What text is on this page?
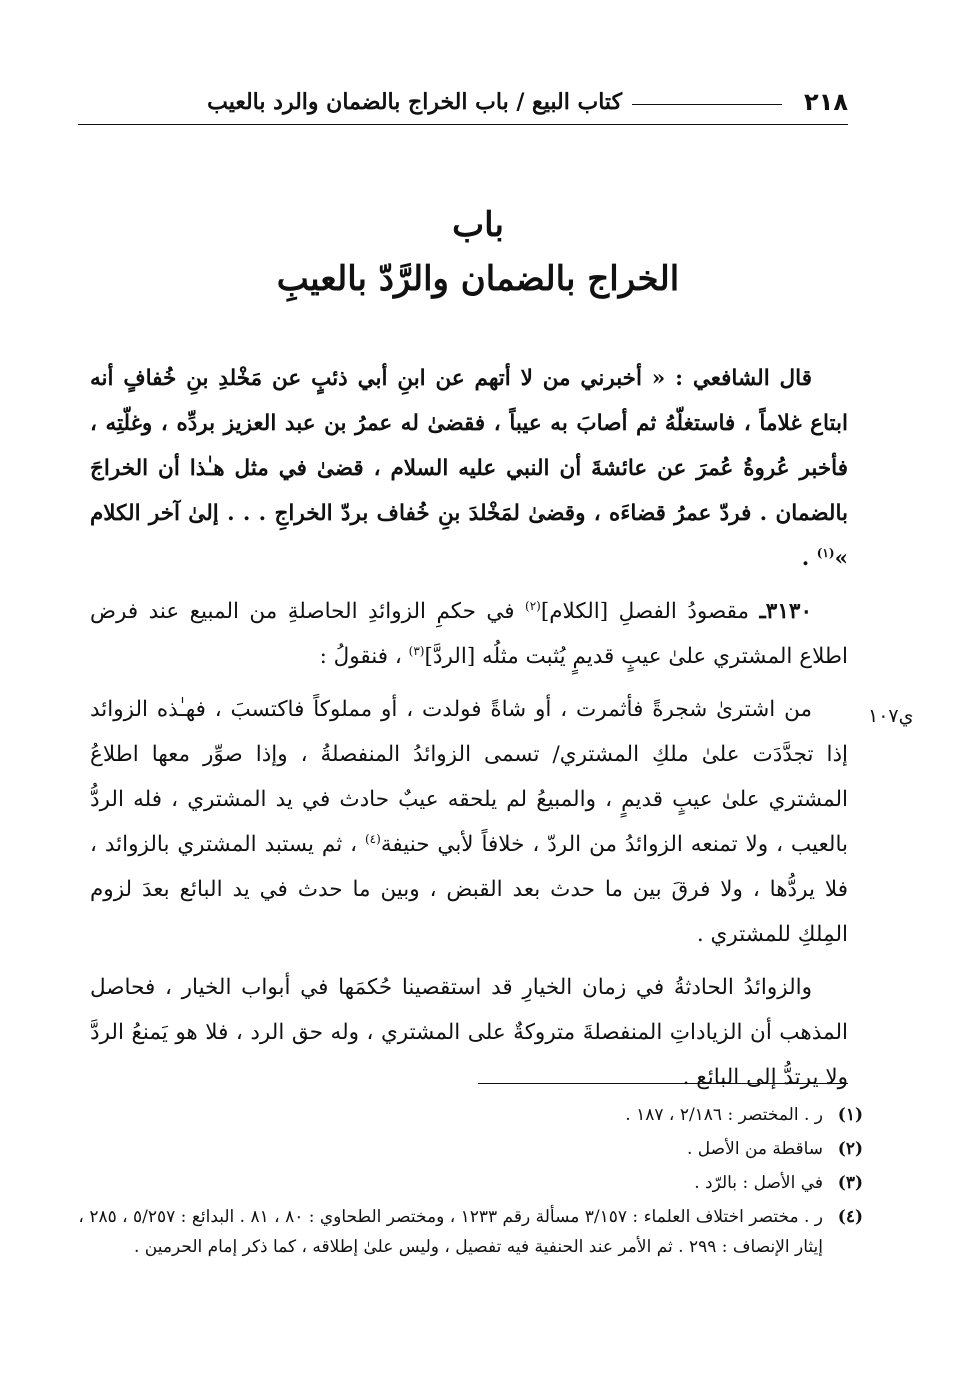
٢١٨
كتاب البيع / باب الخراج بالضمان والرد بالعيب
باب
الخراج بالضمان والرَّدّ بالعيبِ

قال الشافعي : « أخبرني من لا أتهم عن ابنِ أبي ذئبٍ عن مَخْلدِ بنِ خُفافٍ أنه ابتاع غلاماً ، فاستغلّهُ ثم أصابَ به عيباً ، فقضىٰ له عمرُ بن عبد العزيز بردِّه ، وغلّتِه ، فأخبر عُروةُ عُمرَ عن عائشةَ أن النبي عليه السلام ، قضىٰ في مثل هـٰذا أن الخراجَ بالضمان . فردّ عمرُ قضاءَه ، وقضىٰ لمَخْلدَ بنِ خُفاف بردّ الخراجِ . . . إلىٰ آخر الكلام »$^{(١)}$ .

٣١٣٠ـ مقصودُ الفصلِ [الكلام]$^{(٢)}$ في حكمِ الزوائدِ الحاصلةِ من المبيع عند فرض اطلاع المشتري علىٰ عيبٍ قديمٍ يُثبت مثلُه [الردَّ]$^{(٣)}$ ، فنقولُ :

من اشترىٰ شجرةً فأثمرت ، أو شاةً فولدت ، أو مملوكاً فاكتسبَ ، فهـٰذه الزوائد إذا تجدَّدَت علىٰ ملكِ المشتري/ تسمى الزوائدُ المنفصلةُ ، وإذا صوِّر معها اطلاعُ المشتري علىٰ عيبٍ قديمٍ ، والمبيعُ لم يلحقه عيبٌ حادث في يد المشتري ، فله الردُّ بالعيب ، ولا تمنعه الزوائدُ من الردّ ، خلافاً لأبي حنيفة$^{(٤)}$ ، ثم يستبد المشتري بالزوائد ، فلا يردُّها ، ولا فرقَ بين ما حدث بعد القبض ، وبين ما حدث في يد البائع بعدَ لزوم المِلكِ للمشتري .

والزوائدُ الحادثةُ في زمان الخيارِ قد استقصينا حُكمَها في أبواب الخيار ، فحاصل المذهب أن الزياداتِ المنفصلةَ متروكةٌ على المشتري ، وله حق الرد ، فلا هو يَمنعُ الردَّ ولا يرتدُّ إلى البائع .

ي١٠٧
(١)
ر . المختصر : ٢/١٨٦ ، ١٨٧ .
(٢)
ساقطة من الأصل .
(٣)
في الأصل : بالرّد .
(٤)
ر . مختصر اختلاف العلماء : ٣/١٥٧ مسألة رقم ١٢٣٣ ، ومختصر الطحاوي : ٨٠ ، ٨١ . البدائع : ٥/٢٥٧ ، ٢٨٥ ، إيثار الإنصاف : ٢٩٩ . ثم الأمر عند الحنفية فيه تفصيل ، وليس علىٰ إطلاقه ، كما ذكر إمام الحرمين .
